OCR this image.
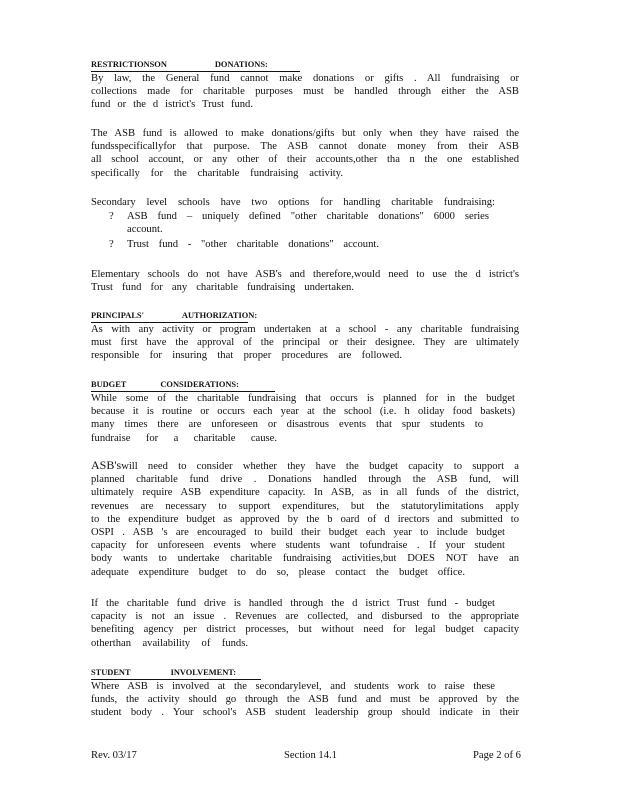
RESTRICTIONSON	DONATIONS:
By law, the General fund cannot make donations or gifts . All fundraising or
collections made for charitable purposes must be handled through either the ASB
fund or the d istrict's Trust fund.
The ASB fund is allowed to make donations/gifts but only when they have raised the
fundsspecificallyfor that purpose. The ASB cannot donate money from their ASB
all school account, or any other of their accounts,other tha n the one established
specifically for the charitable fundraising activity.
Secondary level schools have two options for handling charitable fundraising:
? ASB fund – uniquely defined "other charitable donations" 6000 series
account.
? Trust fund - "other charitable donations" account.
Elementary schools do not have ASB's and therefore,would need to use the d istrict's
Trust fund for any charitable fundraising undertaken.
PRINCIPALS'	AUTHORIZATION:
As with any activity or program undertaken at a school - any charitable fundraising
must first have the approval of the principal or their designee. They are ultimately
responsible for insuring that proper procedures are followed.
BUDGET	CONSIDERATIONS:
While some of the charitable fundraising that occurs is planned for in the budget
because it is routine or occurs each year at the school (i.e. h oliday food baskets)
many times there are unforeseen or disastrous events that spur students to
fundraise for a charitable cause.
ASB's will need to consider whether they have the budget capacity to support a
planned charitable fund drive . Donations handled through the ASB fund, will
ultimately require ASB expenditure capacity. In ASB, as in all funds of the district,
revenues are necessary to support expenditures, but the statutorylimitations apply
to the expenditure budget as approved by the b oard of d irectors and submitted to
OSPI . ASB 's are encouraged to build their budget each year to include budget
capacity for unforeseen events where students want tofundraise . If your student
body wants to undertake charitable fundraising activities,but DOES NOT have an
adequate expenditure budget to do so, please contact the budget office.
If the charitable fund drive is handled through the d istrict Trust fund - budget
capacity is not an issue . Revenues are collected, and disbursed to the appropriate
benefiting agency per district processes, but without need for legal budget capacity
otherthan availability of funds.
STUDENT	INVOLVEMENT:
Where ASB is involved at the secondarylevel, and students work to raise these
funds, the activity should go through the ASB fund and must be approved by the
student body . Your school's ASB student leadership group should indicate in their
Rev. 03/17	Section 14.1	Page 2 of 6
